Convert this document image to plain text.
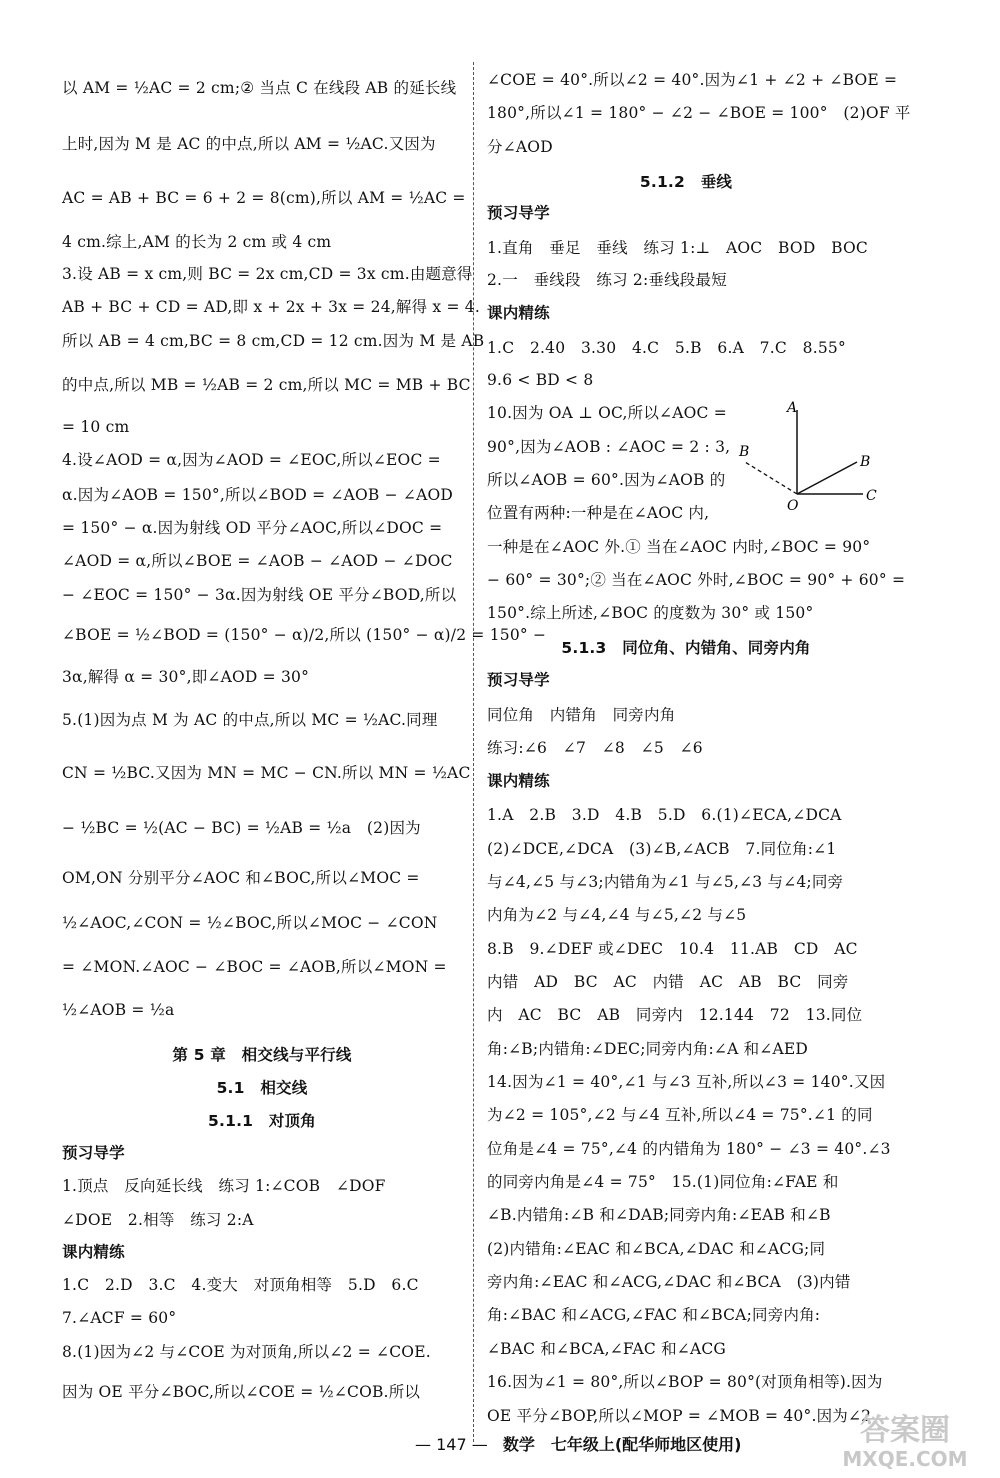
以 AM = ½AC = 2 cm;② 当点 C 在线段 AB 的延长线
上时,因为 M 是 AC 的中点,所以 AM = ½AC.又因为
AC = AB + BC = 6 + 2 = 8(cm),所以 AM = ½AC =
4 cm.综上,AM 的长为 2 cm 或 4 cm
3.设 AB = x cm,则 BC = 2x cm,CD = 3x cm.由题意得
AB + BC + CD = AD,即 x + 2x + 3x = 24,解得 x = 4.
所以 AB = 4 cm,BC = 8 cm,CD = 12 cm.因为 M 是 AB
的中点,所以 MB = ½AB = 2 cm,所以 MC = MB + BC
= 10 cm
4.设∠AOD = α,因为∠AOD = ∠EOC,所以∠EOC =
α.因为∠AOB = 150°,所以∠BOD = ∠AOB − ∠AOD
= 150° − α.因为射线 OD 平分∠AOC,所以∠DOC =
∠AOD = α,所以∠BOE = ∠AOB − ∠AOD − ∠DOC
− ∠EOC = 150° − 3α.因为射线 OE 平分∠BOD,所以
∠BOE = ½∠BOD = (150° − α)/2,所以 (150° − α)/2 = 150° −
3α,解得 α = 30°,即∠AOD = 30°
5.(1)因为点 M 为 AC 的中点,所以 MC = ½AC.同理
CN = ½BC.又因为 MN = MC − CN.所以 MN = ½AC
− ½BC = ½(AC − BC) = ½AB = ½a　(2)因为
OM,ON 分别平分∠AOC 和∠BOC,所以∠MOC =
½∠AOC,∠CON = ½∠BOC,所以∠MOC − ∠CON
= ∠MON.∠AOC − ∠BOC = ∠AOB,所以∠MON =
½∠AOB = ½a
第 5 章　相交线与平行线
5.1　相交线
5.1.1　对顶角
预习导学
1.顶点　反向延长线　练习 1:∠COB　∠DOF
∠DOE　2.相等　练习 2:A
课内精练
1.C　2.D　3.C　4.变大　对顶角相等　5.D　6.C
7.∠ACF = 60°
8.(1)因为∠2 与∠COE 为对顶角,所以∠2 = ∠COE.
因为 OE 平分∠BOC,所以∠COE = ½∠COB.所以
∠COE = 40°.所以∠2 = 40°.因为∠1 + ∠2 + ∠BOE =
180°,所以∠1 = 180° − ∠2 − ∠BOE = 100°　(2)OF 平
分∠AOD
5.1.2　垂线
预习导学
1.直角　垂足　垂线　练习 1:⊥　AOC　BOD　BOC
2.一　垂线段　练习 2:垂线段最短
课内精练
1.C　2.40　3.30　4.C　5.B　6.A　7.C　8.55°
9.6 < BD < 8
10.因为 OA ⊥ OC,所以∠AOC =
90°,因为∠AOB : ∠AOC = 2 : 3,
所以∠AOB = 60°.因为∠AOB 的
位置有两种:一种是在∠AOC 内,
一种是在∠AOC 外.① 当在∠AOC 内时,∠BOC = 90°
− 60° = 30°;② 当在∠AOC 外时,∠BOC = 90° + 60° =
150°.综上所述,∠BOC 的度数为 30° 或 150°
5.1.3　同位角、内错角、同旁内角
预习导学
同位角　内错角　同旁内角
练习:∠6　∠7　∠8　∠5　∠6
课内精练
1.A　2.B　3.D　4.B　5.D　6.(1)∠ECA,∠DCA
(2)∠DCE,∠DCA　(3)∠B,∠ACB　7.同位角:∠1
与∠4,∠5 与∠3;内错角为∠1 与∠5,∠3 与∠4;同旁
内角为∠2 与∠4,∠4 与∠5,∠2 与∠5
8.B　9.∠DEF 或∠DEC　10.4　11.AB　CD　AC
内错　AD　BC　AC　内错　AC　AB　BC　同旁
内　AC　BC　AB　同旁内　12.144　72　13.同位
角:∠B;内错角:∠DEC;同旁内角:∠A 和∠AED
14.因为∠1 = 40°,∠1 与∠3 互补,所以∠3 = 140°.又因
为∠2 = 105°,∠2 与∠4 互补,所以∠4 = 75°.∠1 的同
位角是∠4 = 75°,∠4 的内错角为 180° − ∠3 = 40°.∠3
的同旁内角是∠4 = 75°　15.(1)同位角:∠FAE 和
∠B.内错角:∠B 和∠DAB;同旁内角:∠EAB 和∠B
(2)内错角:∠EAC 和∠BCA,∠DAC 和∠ACG;同
旁内角:∠EAC 和∠ACG,∠DAC 和∠BCA　(3)内错
角:∠BAC 和∠ACG,∠FAC 和∠BCA;同旁内角:
∠BAC 和∠BCA,∠FAC 和∠ACG
16.因为∠1 = 80°,所以∠BOP = 80°(对顶角相等).因为
OE 平分∠BOP,所以∠MOP = ∠MOB = 40°.因为∠2
A
B
B
O
C
— 147 — 数学　七年级上(配华师地区使用)	答案圈
MXQE.COM
